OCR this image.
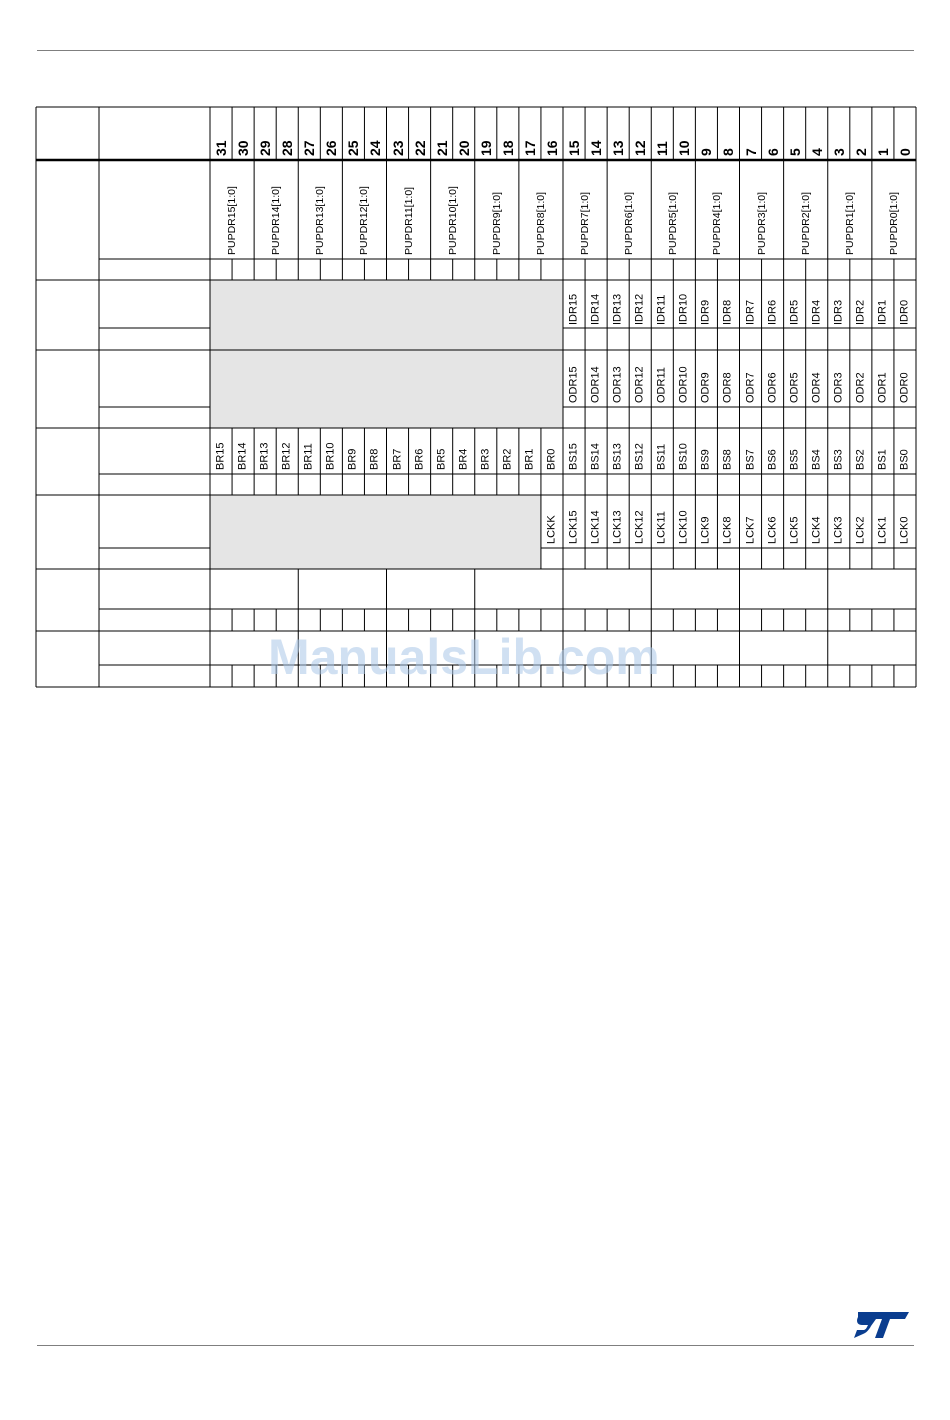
31 30 29 28 27 26 25 24 23 22 21 20 19 18 17 16 15 14 13 12 11 10 9 8 7 6 5 4 3 2 1 0
PUPDR15[1:0]	PUPDR14[1:0]	PUPDR13[1:0]	PUPDR12[1:0]	PUPDR11[1:0]	PUPDR10[1:0]	PUPDR9[1:0]	PUPDR8[1:0]	PUPDR7[1:0]	PUPDR6[1:0]	PUPDR5[1:0]	PUPDR4[1:0]	PUPDR3[1:0]	PUPDR2[1:0]	PUPDR1[1:0]	PUPDR0[1:0]
IDR15 IDR14 IDR13 IDR12 IDR11 IDR10 IDR9 IDR8 IDR7 IDR6 IDR5 IDR4 IDR3 IDR2 IDR1 IDR0
ODR15 ODR14 ODR13 ODR12 ODR11 ODR10 ODR9 ODR8 ODR7 ODR6 ODR5 ODR4 ODR3 ODR2 ODR1 ODR0
BR15 BR14 BR13 BR12 BR11 BR10 BR9 BR8 BR7 BR6 BR5 BR4 BR3 BR2 BR1 BR0 BS15 BS14 BS13 BS12 BS11 BS10 BS9 BS8 BS7 BS6 BS5 BS4 BS3 BS2 BS1 BS0
LCKK LCK15 LCK14 LCK13 LCK12 LCK11 LCK10 LCK9 LCK8 LCK7 LCK6 LCK5 LCK4 LCK3 LCK2 LCK1 LCK0
ManualsLib.com
